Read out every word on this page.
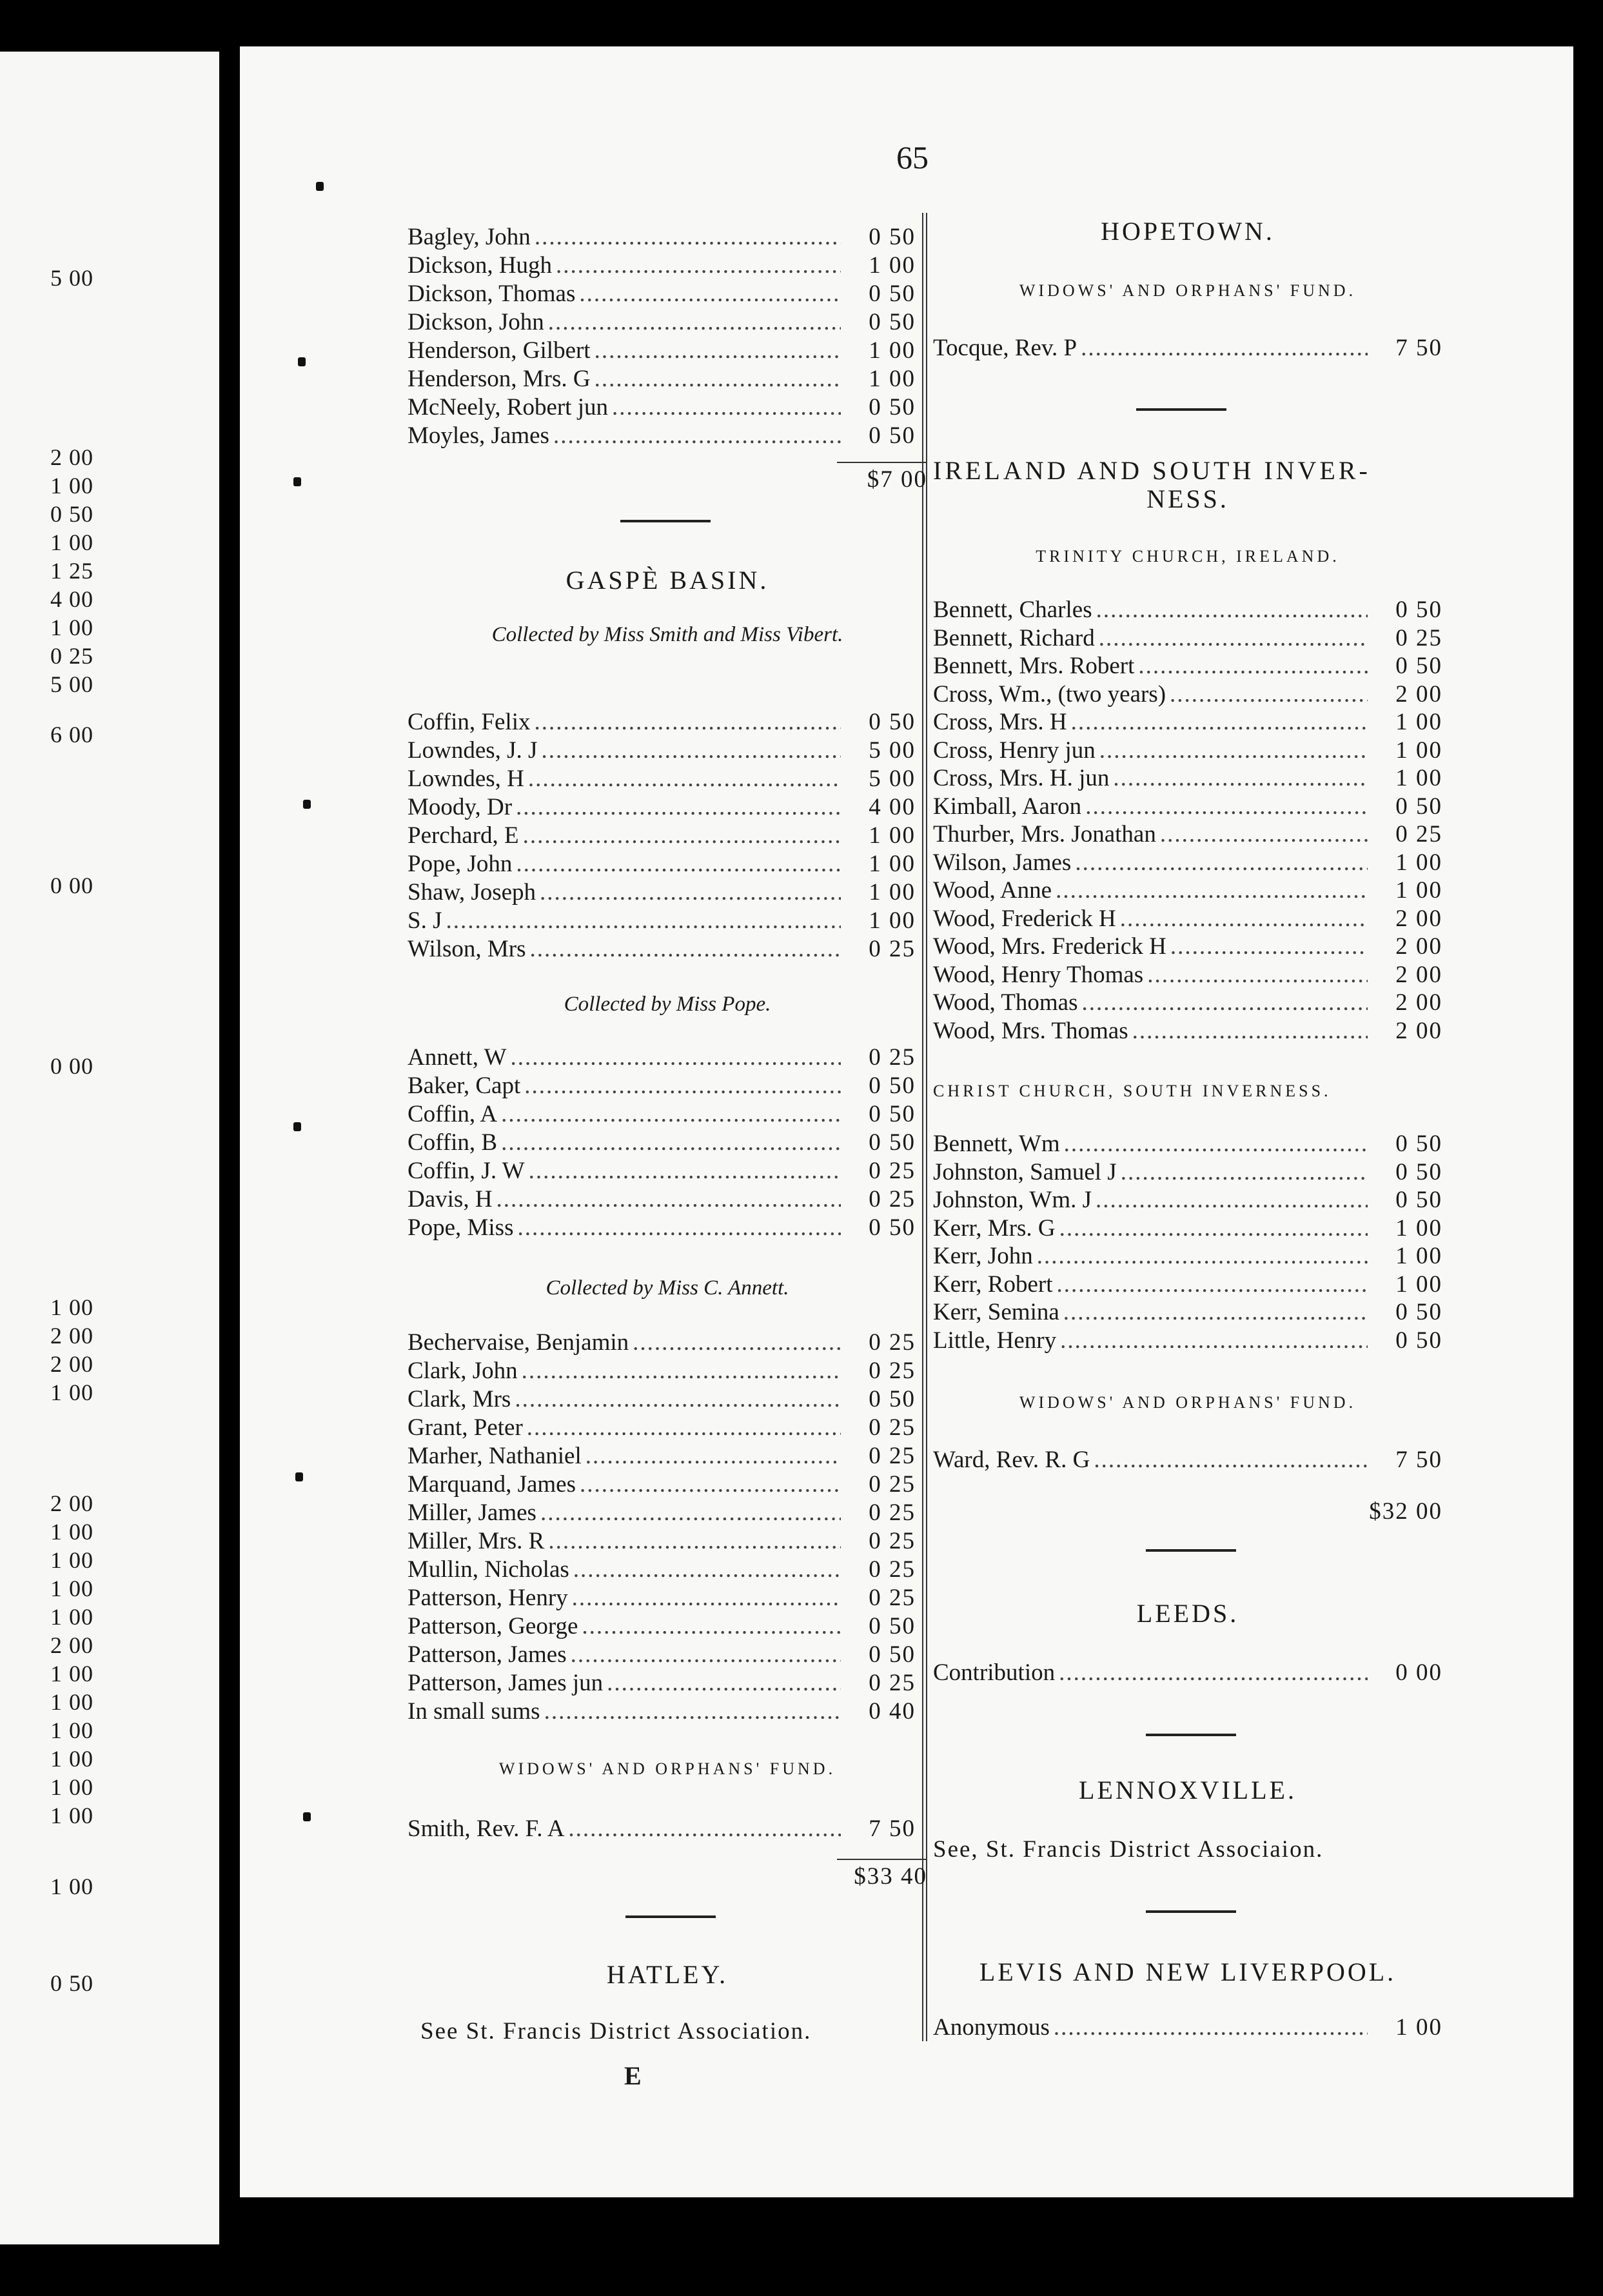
5 00
2 00
1 00
0 50
1 00
1 25
4 00
1 00
0 25
5 00
6 00
0 00
0 00
1 00
2 00
2 00
1 00
2 00
1 00
1 00
1 00
1 00
2 00
1 00
1 00
1 00
1 00
1 00
1 00
1 00
0 50
65
Bagley, John .....	0 50
Dickson, Hugh .....	1 00
Dickson, Thomas .....	0 50
Dickson, John .....	0 50
Henderson, Gilbert .....	1 00
Henderson, Mrs. G .....	1 00
McNeely, Robert jun .....	0 50
Moyles, James .....	0 50
$7 00
GASPÈ BASIN.
Collected by Miss Smith and Miss Vibert.
Coffin, Felix .....	0 50
Lowndes, J. J .....	5 00
Lowndes, H .....	5 00
Moody, Dr .....	4 00
Perchard, E .....	1 00
Pope, John .....	1 00
Shaw, Joseph .....	1 00
S. J .....	1 00
Wilson, Mrs .....	0 25
Collected by Miss Pope.
Annett, W .....	0 25
Baker, Capt .....	0 50
Coffin, A .....	0 50
Coffin, B .....	0 50
Coffin, J. W .....	0 25
Davis, H .....	0 25
Pope, Miss .....	0 50
Collected by Miss C. Annett.
Bechervaise, Benjamin .....	0 25
Clark, John .....	0 25
Clark, Mrs .....	0 50
Grant, Peter .....	0 25
Marher, Nathaniel .....	0 25
Marquand, James .....	0 25
Miller, James .....	0 25
Miller, Mrs. R .....	0 25
Mullin, Nicholas .....	0 25
Patterson, Henry .....	0 25
Patterson, George .....	0 50
Patterson, James .....	0 50
Patterson, James jun .....	0 25
In small sums .....	0 40
WIDOWS' AND ORPHANS' FUND.
Smith, Rev. F. A .....	7 50
$33 40
HATLEY.
See St. Francis District Association.
E
HOPETOWN.
WIDOWS' AND ORPHANS' FUND.
Tocque, Rev. P .....	7 50
IRELAND AND SOUTH INVER-
NESS.
TRINITY CHURCH, IRELAND.
Bennett, Charles .....	0 50
Bennett, Richard .....	0 25
Bennett, Mrs. Robert .....	0 50
Cross, Wm., (two years) .....	2 00
Cross, Mrs. H .....	1 00
Cross, Henry jun .....	1 00
Cross, Mrs. H. jun .....	1 00
Kimball, Aaron .....	0 50
Thurber, Mrs. Jonathan .....	0 25
Wilson, James .....	1 00
Wood, Anne .....	1 00
Wood, Frederick H .....	2 00
Wood, Mrs. Frederick H .....	2 00
Wood, Henry Thomas .....	2 00
Wood, Thomas .....	2 00
Wood, Mrs. Thomas .....	2 00
CHRIST CHURCH, SOUTH INVERNESS.
Bennett, Wm .....	0 50
Johnston, Samuel J .....	0 50
Johnston, Wm. J .....	0 50
Kerr, Mrs. G .....	1 00
Kerr, John .....	1 00
Kerr, Robert .....	1 00
Kerr, Semina .....	0 50
Little, Henry .....	0 50
WIDOWS' AND ORPHANS' FUND.
Ward, Rev. R. G .....	7 50
$32 00
LEEDS.
Contribution .....	0 00
LENNOXVILLE.
See, St. Francis District Associaion.
LEVIS AND NEW LIVERPOOL.
Anonymous .....	1 00
